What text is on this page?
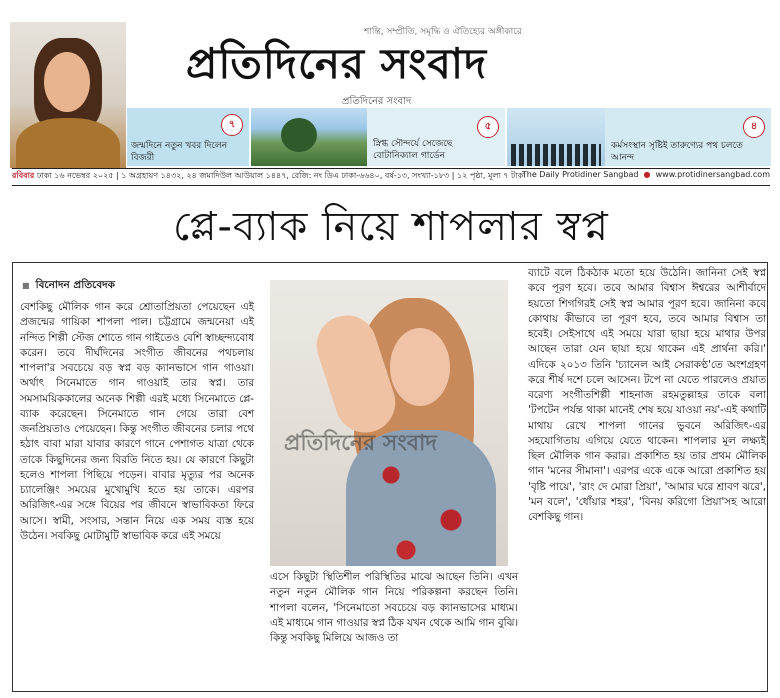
শান্তি, সম্প্রীতি, সমৃদ্ধি ও ঐতিহ্যের অঙ্গীকারে
প্রতিদিনের সংবাদ
প্রতিদিনের সংবাদ
৭
জন্মদিনে নতুন খবর দিলেন বিজরী
৫
স্নিগ্ধ সৌন্দর্যে সেজেছে বোটানিক্যাল গার্ডেন
৪
কর্মসংস্থান সৃষ্টিই তারুণ্যের পথ চলতে আনন্দ
রবিবার ঢাকা ১৬ নভেম্বর ২০২৫ | ১ অগ্রহায়ণ ১৪৩২, ২৪ জমাদিউল আউয়াল ১৪৪৭, রেজি: নং ডিএ ঢাকা-৬৬৪০, বর্ষ-১৩, সংখ্যা-১৮৩ | ১২ পৃষ্ঠা, মূল্য ৭ টাকা
The Daily Protidiner Sangbad  ●  www.protidinersangbad.com
প্লে-ব্যাক নিয়ে শাপলার স্বপ্ন
■ বিনোদন প্রতিবেদক

বেশকিছু মৌলিক গান করে শ্রোতাপ্রিয়তা পেয়েছেন এই প্রজন্মের গায়িকা শাপলা পাল। চট্টগ্রামে জন্মনেয়া এই নন্দিত শিল্পী স্টেজ শোতে গান গাইতেও বেশি স্বাচ্ছন্দ্যবোধ করেন। তবে দীর্ঘদিনের সংগীত জীবনের পথচলায় শাপলা'র সবচেয়ে বড় স্বপ্ন বড় ক্যানভাসে গান গাওয়া। অর্থাৎ সিনেমাতে গান গাওয়াই তার স্বপ্ন। তার সমসাময়িককালের অনেক শিল্পী এরই মধ্যে সিনেমাতে প্লে-ব্যাক করেছেন। সিনেমাতে গান গেয়ে তারা বেশ জনপ্রিয়তাও পেয়েছেন। কিন্তু সংগীত জীবনের চলার পথে হঠাৎ বাবা মারা যাবার কারণে গানে পেশাগত যাত্রা থেকে তাকে কিছুদিনের জন্য বিরতি নিতে হয়। যে কারণে কিছুটা হলেও শাপলা পিছিয়ে পড়েন। বাবার মৃত্যুর পর অনেক চ্যালেঞ্জিং সময়ের মুখোমুখি হতে হয় তাকে। এরপর অরিজিৎ-এর সঙ্গে বিয়ের পর জীবনে স্বাভাবিকতা ফিরে আসে। স্বামী, সংসার, সন্তান নিয়ে এক সময় ব্যস্ত হয়ে উঠেন। সবকিছু মোটামুটি স্বাভাবিক করে এই সময়ে

প্রতিদিনের সংবাদ

এসে কিছুটা স্থিতিশীল পরিস্থিতির মাঝে আছেন তিনি। এখন নতুন নতুন মৌলিক গান নিয়ে পরিকল্পনা করছেন তিনি। শাপলা বলেন, 'সিনেমাতো সবচেয়ে বড় ক্যানভাসের মাধ্যম। এই মাধ্যমে গান গাওয়ার স্বপ্ন ঠিক যখন থেকে আমি গান বুঝি। কিন্তু সবকিছু মিলিয়ে আজও তা

ব্যাটে বলে ঠিকঠাক মতো হয়ে উঠেনি। জানিনা সেই স্বপ্ন কবে পূরণ হবে। তবে আমার বিশ্বাস ঈশ্বরের আশীর্বাদে হয়তো শিগগিরই সেই স্বপ্ন আমার পূরণ হবে। জানিনা কবে কোথায় কীভাবে তা পূরণ হবে, তবে আমার বিশ্বাস তা হবেই। সেইসাথে এই সময়ে যারা ছায়া হয়ে মাথার উপর আছেন তারা যেন ছায়া হয়ে থাকেন এই প্রার্থনা করি।' এদিকে ২০১৩ তিনি 'চ্যানেল আই সেরাকণ্ঠ'তে অংশগ্রহণ করে শীর্ষ দশে চলে আসেন। টপে না যেতে পারলেও প্রয়াত বরেণ্য সংগীতশিল্পী শাহনাজ রহমতুল্লাহর তাকে বলা 'টপটেন পর্যন্ত থাকা মানেই শেষ হয়ে যাওয়া নয়'-এই কথাটি মাথায় রেখে শাপলা গানের ভুবনে অরিজিৎ-এর সহযোগিতায় এগিয়ে যেতে থাকেন। শাপলার মূল লক্ষ্যই ছিল মৌলিক গান করার। প্রকাশিত হয় তার প্রথম মৌলিক গান 'মনের সীমানা'। এরপর একে একে আরো প্রকাশিত হয় 'বৃষ্টি পায়ে', 'রাং দে মোরা প্রিয়া', 'আমার ঘরে শ্রাবণ ঝরে', 'মন বলে', 'ধোঁয়ার শহর', 'বিনয় করিগো প্রিয়া'সহ আরো বেশকিছু গান।
